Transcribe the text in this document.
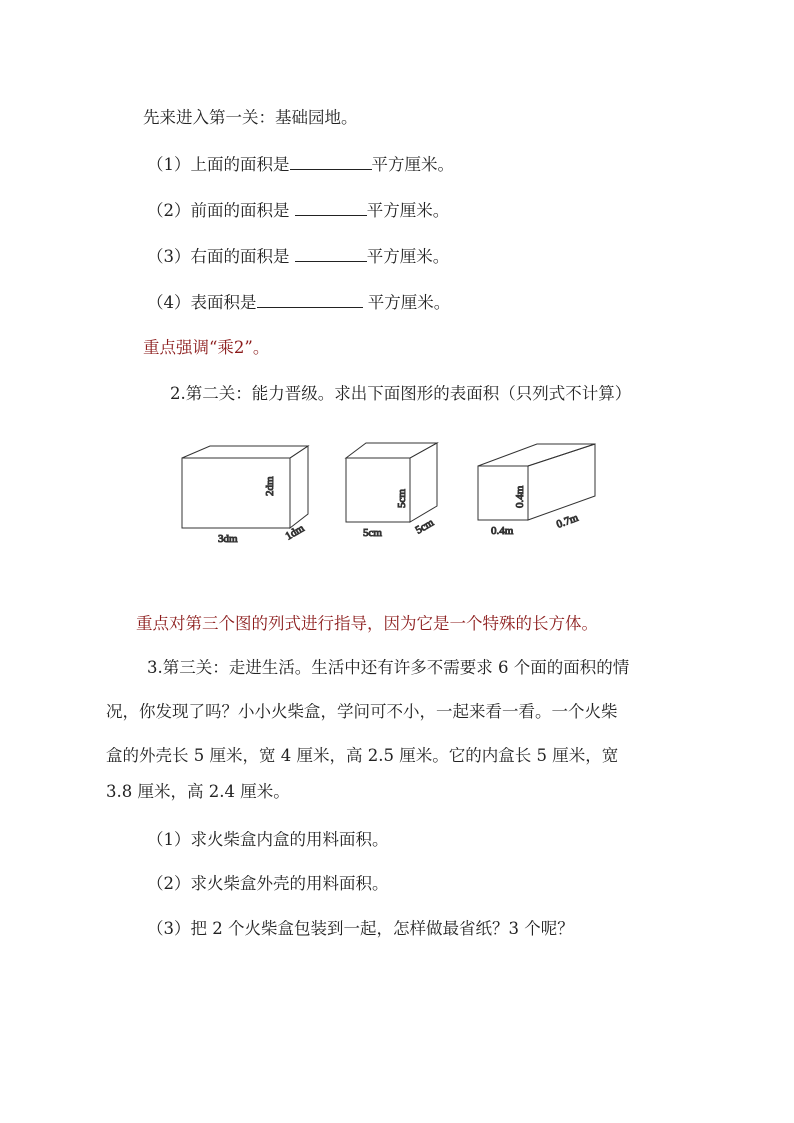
先来进入第一关：基础园地。
（1）上面的面积是	平方厘米。
（2）前面的面积是	平方厘米。
（3）右面的面积是	平方厘米。
（4）表面积是	平方厘米。
重点强调“乘2”。
2.第二关：能力晋级。求出下面图形的表面积（只列式不计算）
3dm
2dm
1dm	5cm
5cm
5cm	0.4m
0.4m
0.7m
重点对第三个图的列式进行指导，因为它是一个特殊的长方体。
3.第三关：走进生活。生活中还有许多不需要求 6 个面的面积的情
况，你发现了吗？小小火柴盒，学问可不小，一起来看一看。一个火柴
盒的外壳长 5 厘米，宽 4 厘米，高 2.5 厘米。它的内盒长 5 厘米，宽
3.8 厘米，高 2.4 厘米。
（1）求火柴盒内盒的用料面积。
（2）求火柴盒外壳的用料面积。
（3）把 2 个火柴盒包装到一起，怎样做最省纸？3 个呢？
